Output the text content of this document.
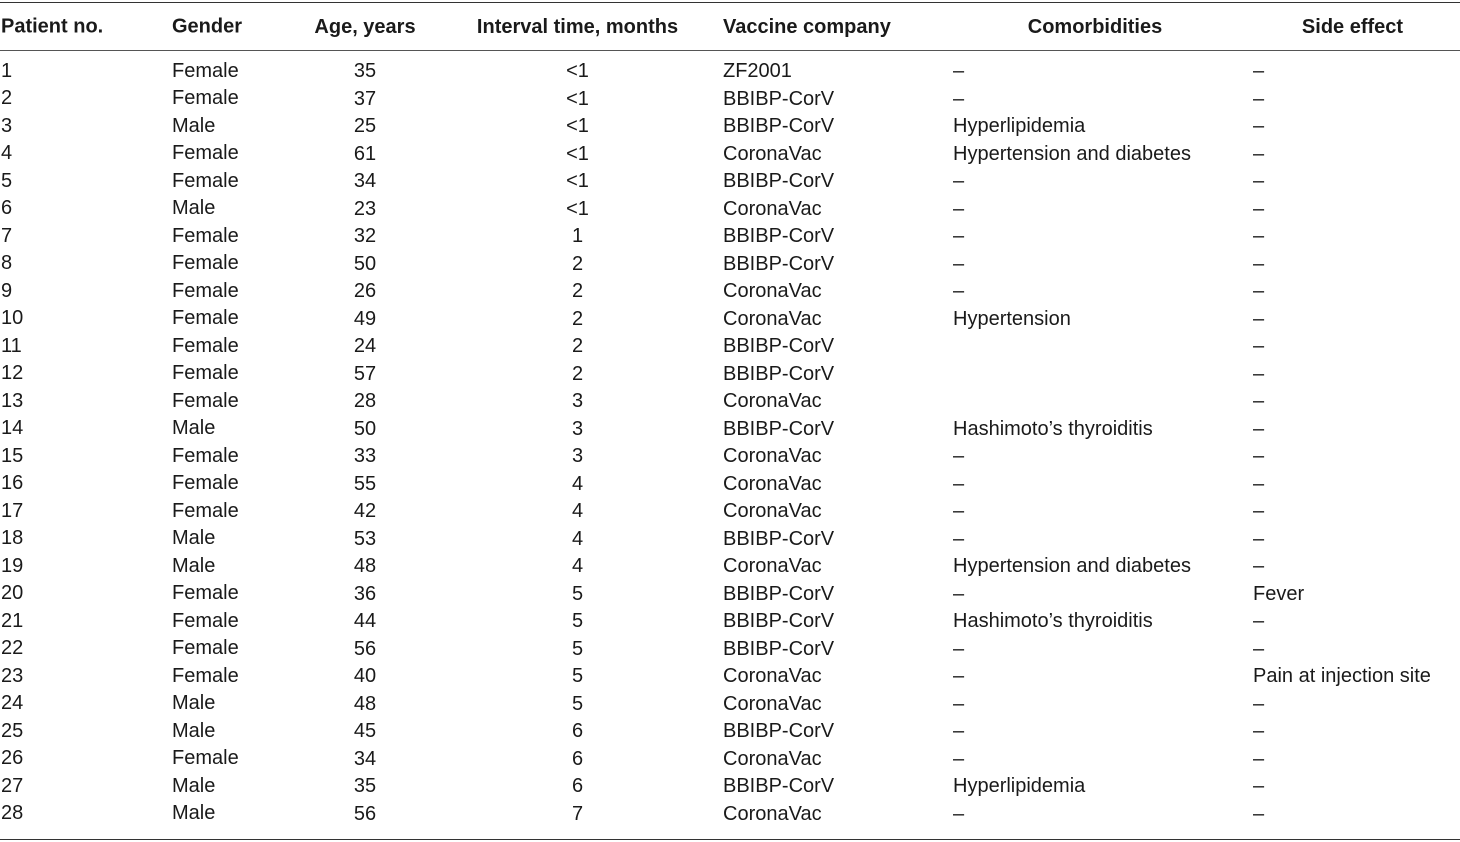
	Patient no. Gender	Age, years	Interval time, months	Vaccine company	Comorbidities	Side effect

	1 Female	35	<1	ZF2001	–	–

	2 Female	37	<1	BBIBP-CorV	–	–

	3 Male	25	<1	BBIBP-CorV	Hyperlipidemia	–

	4 Female	61	<1	CoronaVac	Hypertension and diabetes	–

	5 Female	34	<1	BBIBP-CorV	–	–

	6 Male	23	<1	CoronaVac	–	–

	7 Female	32	1	BBIBP-CorV	–	–

	8 Female	50	2	BBIBP-CorV	–	–

	9 Female	26	2	CoronaVac	–	–

	10 Female	49	2	CoronaVac	Hypertension	–

	11 Female	24	2	BBIBP-CorV		–

	12 Female	57	2	BBIBP-CorV		–

	13 Female	28	3	CoronaVac		–

	14 Male	50	3	BBIBP-CorV	Hashimoto’s thyroiditis	–

	15 Female	33	3	CoronaVac	–	–

	16 Female	55	4	CoronaVac	–	–

	17 Female	42	4	CoronaVac	–	–

	18 Male	53	4	BBIBP-CorV	–	–

	19 Male	48	4	CoronaVac	Hypertension and diabetes	–

	20 Female	36	5	BBIBP-CorV	–	Fever

	21 Female	44	5	BBIBP-CorV	Hashimoto’s thyroiditis	–

	22 Female	56	5	BBIBP-CorV	–	–

	23 Female	40	5	CoronaVac	–	Pain at injection site

	24 Male	48	5	CoronaVac	–	–

	25 Male	45	6	BBIBP-CorV	–	–

	26 Female	34	6	CoronaVac	–	–

	27 Male	35	6	BBIBP-CorV	Hyperlipidemia	–

	28 Male	56	7	CoronaVac	–	–
